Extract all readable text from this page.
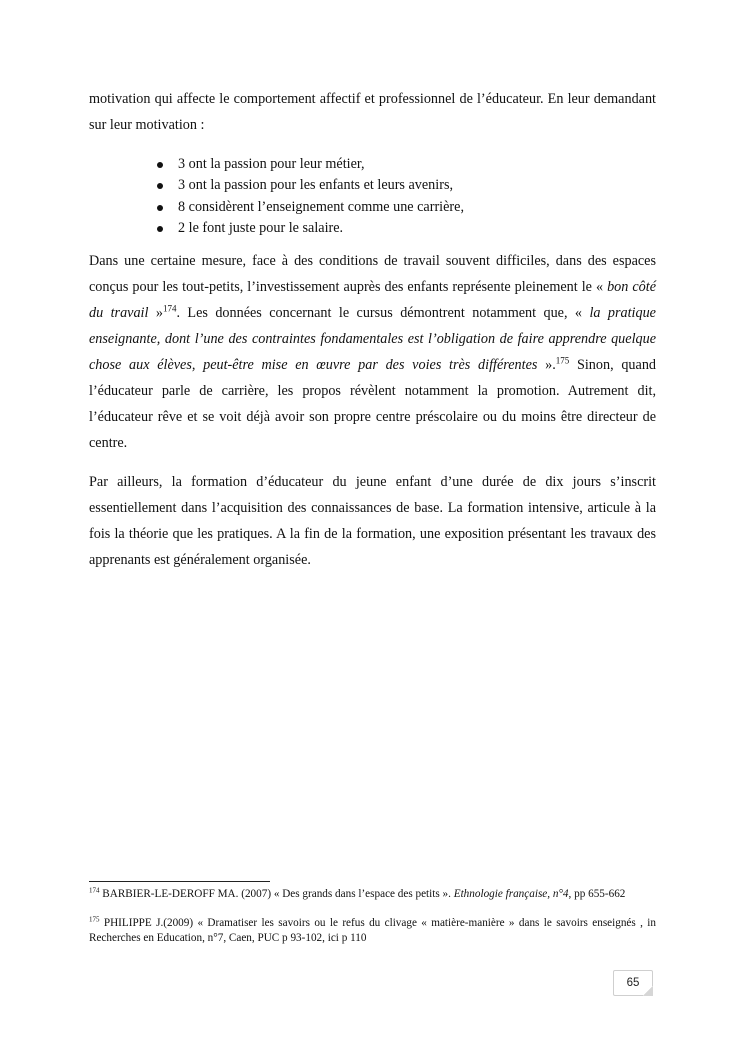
motivation qui affecte le comportement affectif et professionnel de l’éducateur. En leur demandant sur leur motivation :

3 ont la passion pour leur métier,
3 ont la passion pour les enfants et leurs avenirs,
8 considèrent l’enseignement comme une carrière,
2 le font juste pour le salaire.

Dans une certaine mesure, face à des conditions de travail souvent difficiles, dans des espaces conçus pour les tout-petits, l’investissement auprès des enfants représente pleinement le « bon côté du travail »$^{174}$. Les données concernant le cursus démontrent notamment que, « la pratique enseignante, dont l’une des contraintes fondamentales est l’obligation de faire apprendre quelque chose aux élèves, peut-être mise en œuvre par des voies très différentes ».$^{175}$ Sinon, quand l’éducateur parle de carrière, les propos révèlent notamment la promotion. Autrement dit, l’éducateur rêve et se voit déjà avoir son propre centre préscolaire ou du moins être directeur de centre.

Par ailleurs, la formation d’éducateur du jeune enfant d’une durée de dix jours s’inscrit essentiellement dans l’acquisition des connaissances de base. La formation intensive, articule à la fois la théorie que les pratiques. A la fin de la formation, une exposition présentant les travaux des apprenants est généralement organisée.

$^{174}$ BARBIER-LE-DEROFF MA. (2007) « Des grands dans l’espace des petits ». Ethnologie française, n°4, pp 655-662

$^{175}$ PHILIPPE J.(2009) « Dramatiser les savoirs ou le refus du clivage « matière-manière » dans le savoirs enseignés , in Recherches en Education, n°7, Caen, PUC p 93-102, ici p 110

65
